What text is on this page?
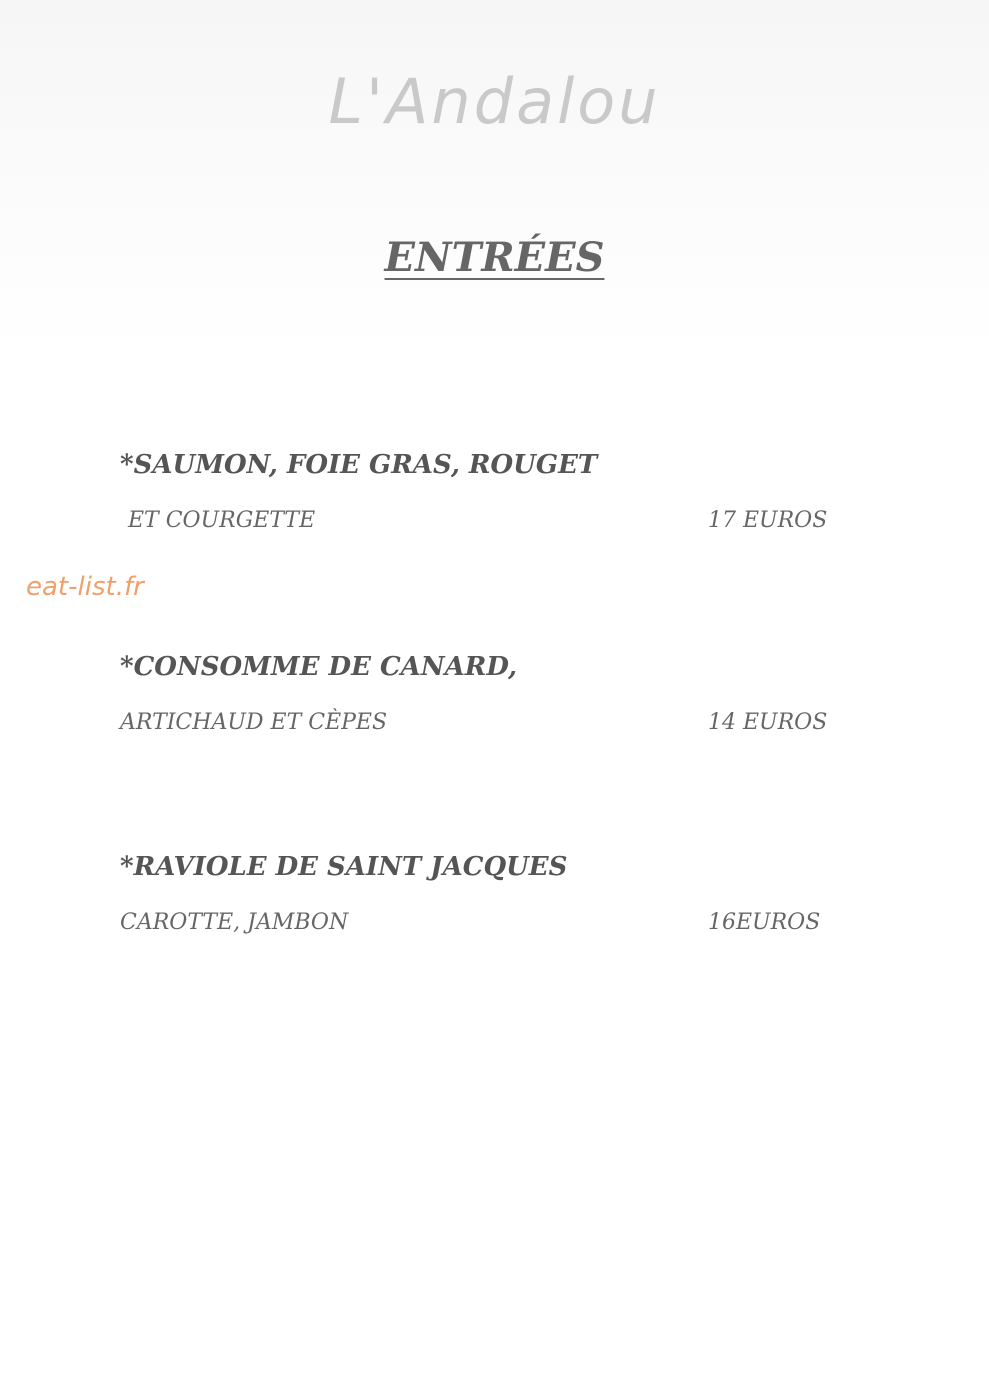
L'Andalou
ENTRÉES
*SAUMON, FOIE GRAS, ROUGET
ET COURGETTE	17 EUROS
eat-list.fr
*CONSOMME DE CANARD,
ARTICHAUD ET CÈPES	14 EUROS
*RAVIOLE DE SAINT JACQUES
CAROTTE, JAMBON	16EUROS
